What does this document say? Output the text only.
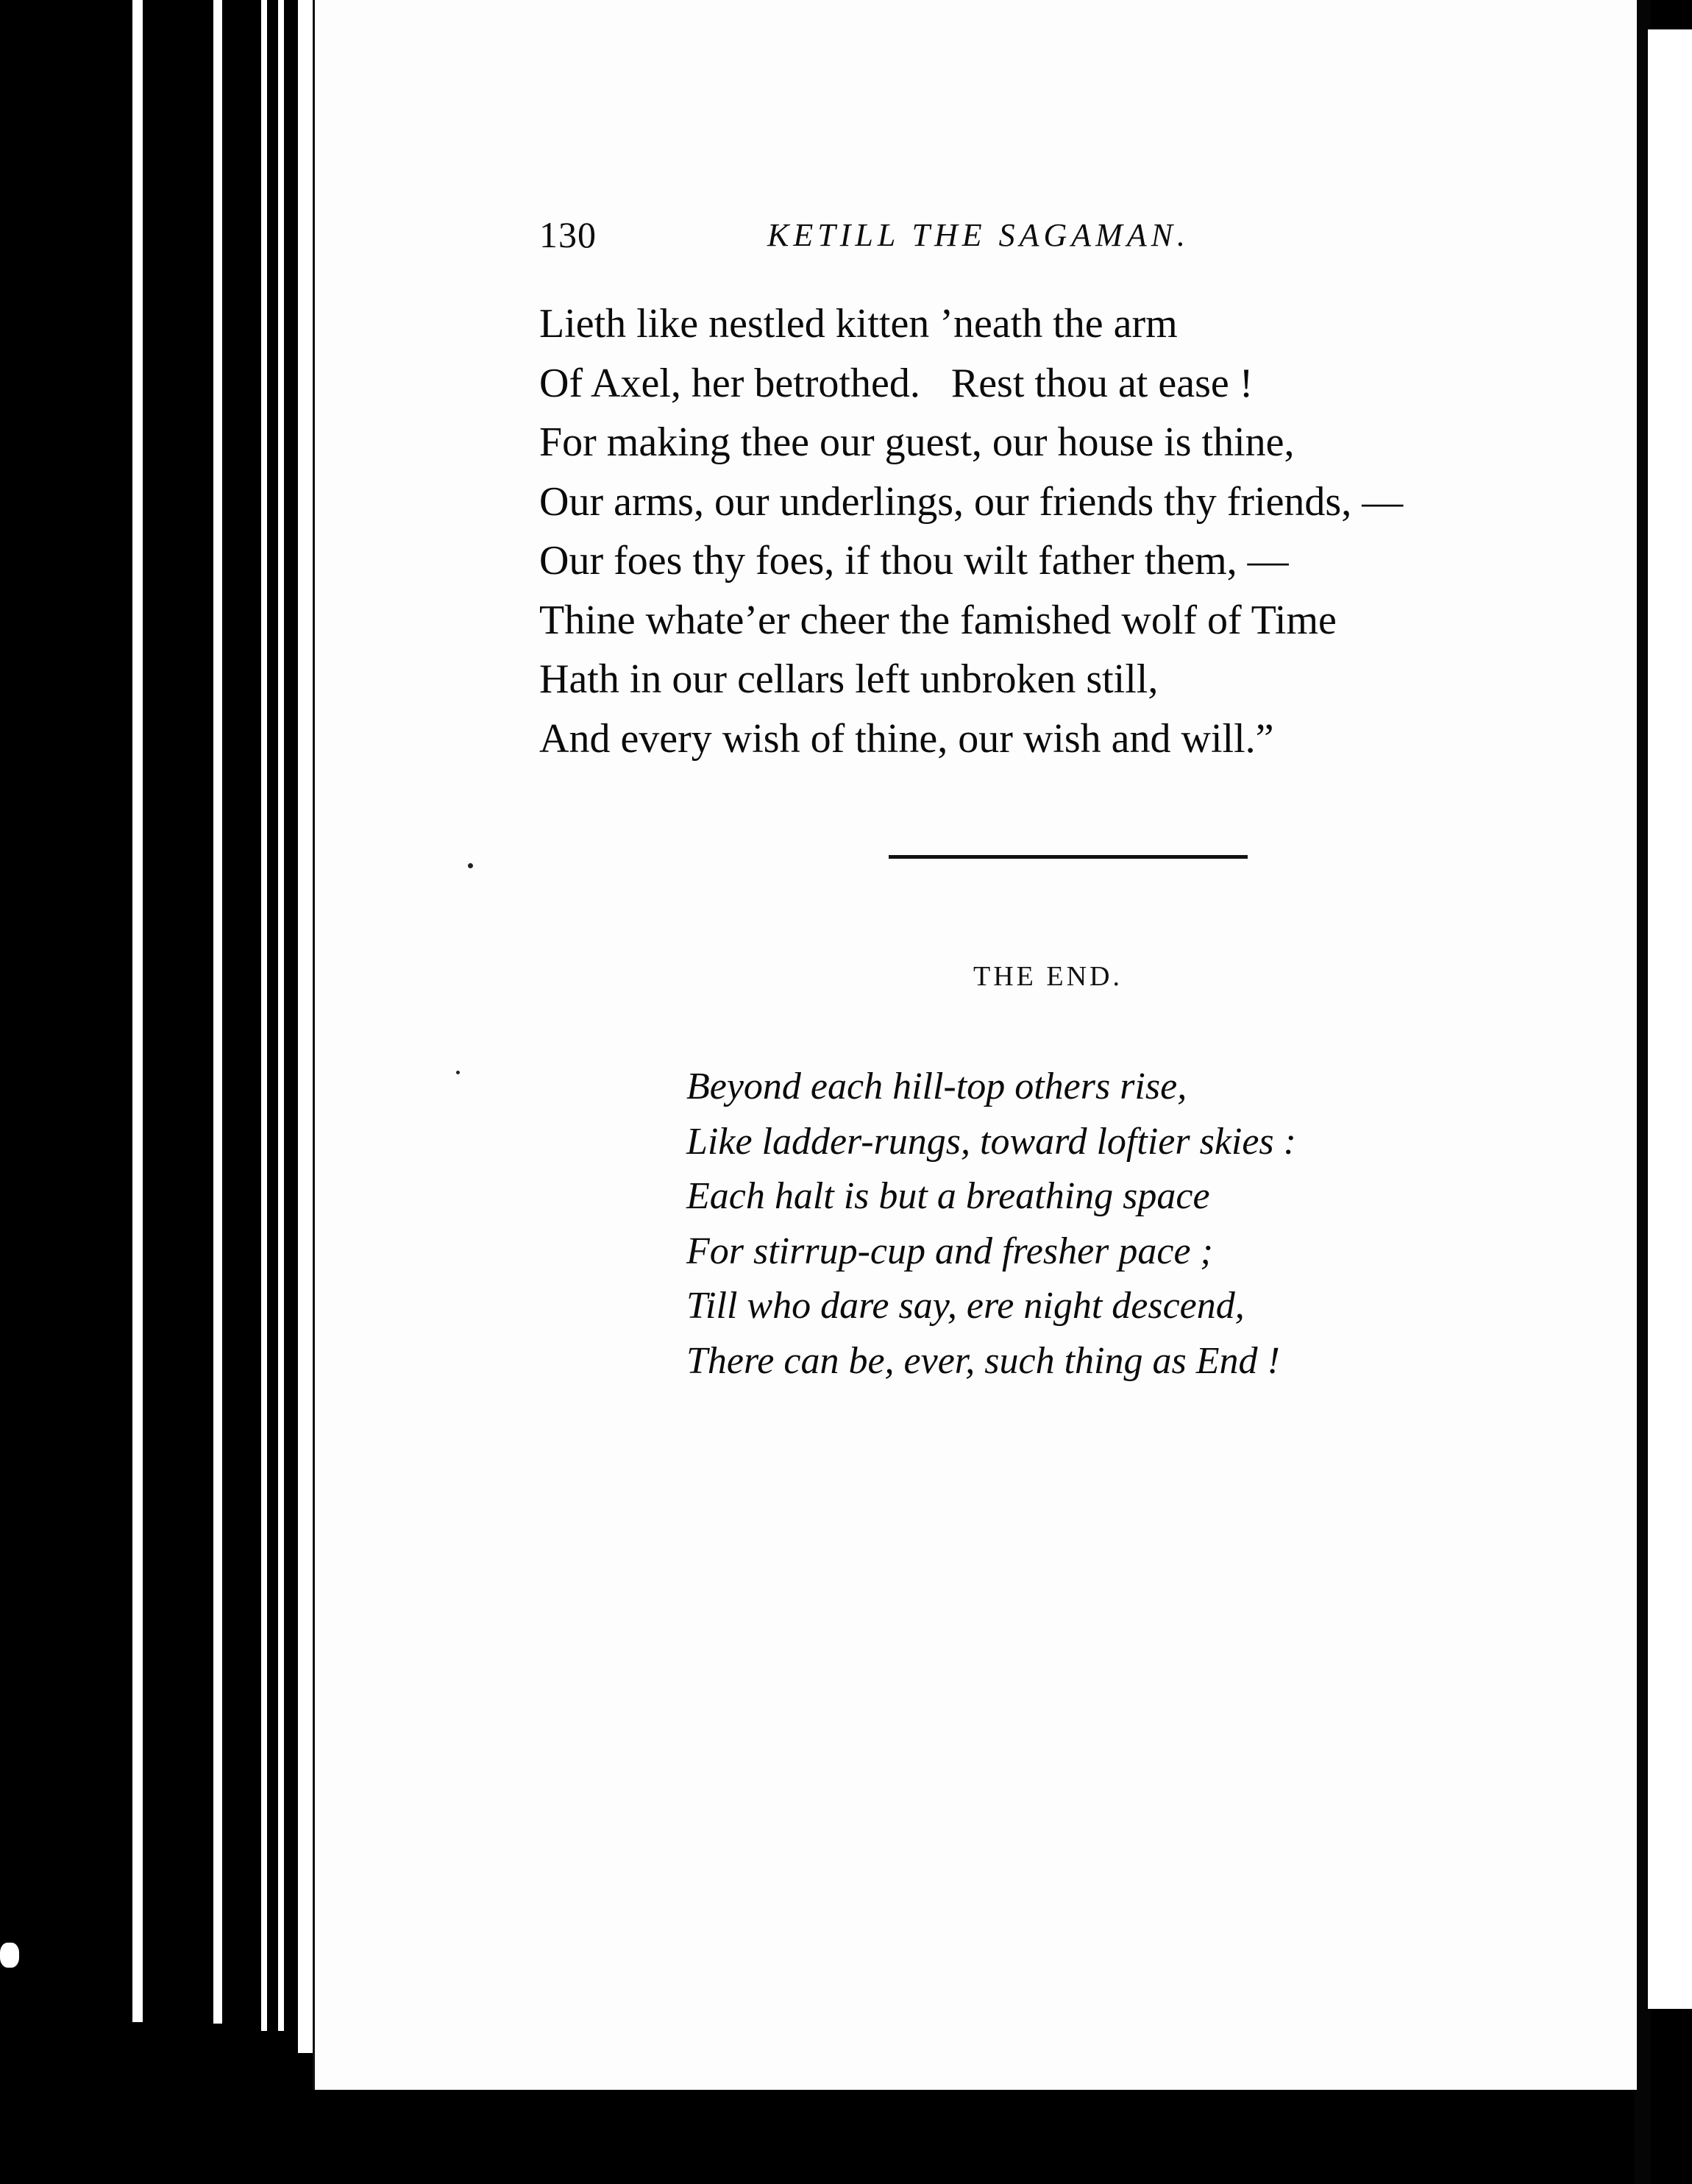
130	KETILL THE SAGAMAN.
Lieth like nestled kitten ’neath the arm
Of Axel, her betrothed.   Rest thou at ease !
For making thee our guest, our house is thine,
Our arms, our underlings, our friends thy friends, —
Our foes thy foes, if thou wilt father them, —
Thine whate’er cheer the famished wolf of Time
Hath in our cellars left unbroken still,
And every wish of thine, our wish and will.”
THE END.
Beyond each hill-top others rise,
Like ladder-rungs, toward loftier skies :
Each halt is but a breathing space
For stirrup-cup and fresher pace ;
Till who dare say, ere night descend,
There can be, ever, such thing as End !
